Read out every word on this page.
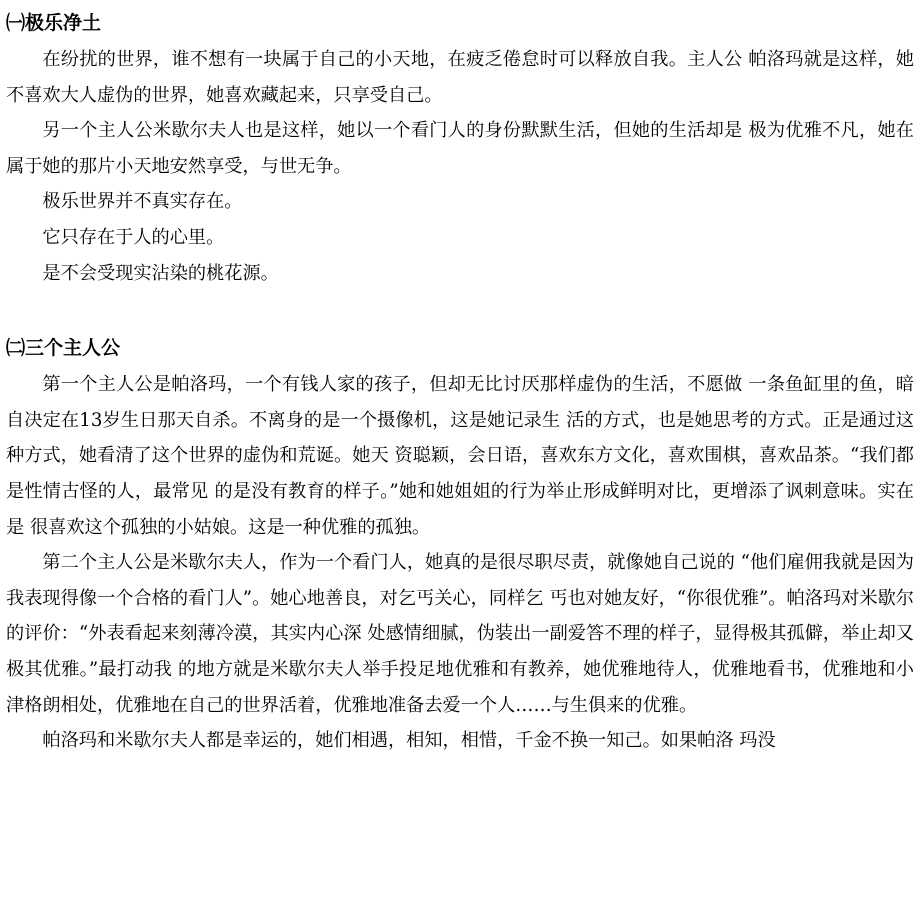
㈠极乐净土

在纷扰的世界，谁不想有一块属于自己的小天地，在疲乏倦怠时可以释放自我。主人公 帕洛玛就是这样，她不喜欢大人虚伪的世界，她喜欢藏起来，只享受自己。

另一个主人公米歇尔夫人也是这样，她以一个看门人的身份默默生活，但她的生活却是 极为优雅不凡，她在属于她的那片小天地安然享受，与世无争。

极乐世界并不真实存在。

它只存在于人的心里。

是不会受现实沾染的桃花源。

㈡三个主人公

第一个主人公是帕洛玛，一个有钱人家的孩子，但却无比讨厌那样虚伪的生活，不愿做 一条鱼缸里的鱼，暗自决定在13岁生日那天自杀。不离身的是一个摄像机，这是她记录生 活的方式，也是她思考的方式。正是通过这种方式，她看清了这个世界的虚伪和荒诞。她天 资聪颖，会日语，喜欢东方文化，喜欢围棋，喜欢品茶。“我们都是性情古怪的人，最常见 的是没有教育的样子。”她和她姐姐的行为举止形成鲜明对比，更增添了讽刺意味。实在是 很喜欢这个孤独的小姑娘。这是一种优雅的孤独。

第二个主人公是米歇尔夫人，作为一个看门人，她真的是很尽职尽责，就像她自己说的 “他们雇佣我就是因为我表现得像一个合格的看门人”。她心地善良，对乞丐关心，同样乞 丐也对她友好，“你很优雅”。帕洛玛对米歇尔的评价：“外表看起来刻薄冷漠，其实内心深 处感情细腻，伪装出一副爱答不理的样子，显得极其孤僻，举止却又极其优雅。”最打动我 的地方就是米歇尔夫人举手投足地优雅和有教养，她优雅地待人，优雅地看书，优雅地和小 津格朗相处，优雅地在自己的世界活着，优雅地准备去爱一个人……与生俱来的优雅。

帕洛玛和米歇尔夫人都是幸运的，她们相遇，相知，相惜，千金不换一知己。如果帕洛 玛没
